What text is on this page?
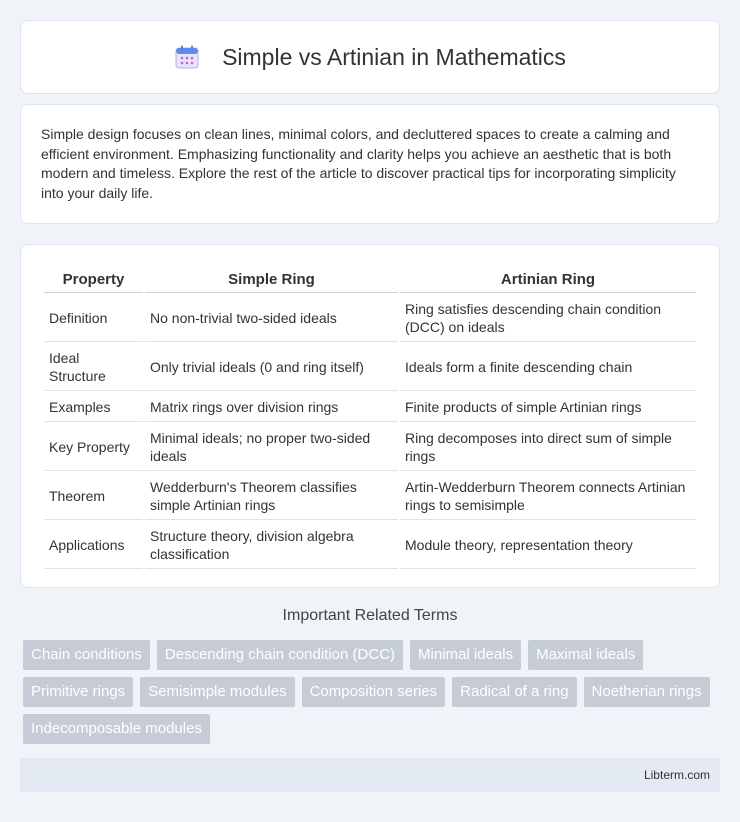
Simple vs Artinian in Mathematics

Simple design focuses on clean lines, minimal colors, and decluttered spaces to create a calming and efficient environment. Emphasizing functionality and clarity helps you achieve an aesthetic that is both modern and timeless. Explore the rest of the article to discover practical tips for incorporating simplicity into your daily life.

Property	Simple Ring	Artinian Ring
Definition	No non-trivial two-sided ideals	Ring satisfies descending chain condition (DCC) on ideals
Ideal Structure	Only trivial ideals (0 and ring itself)	Ideals form a finite descending chain
Examples	Matrix rings over division rings	Finite products of simple Artinian rings
Key Property	Minimal ideals; no proper two-sided ideals	Ring decomposes into direct sum of simple rings
Theorem	Wedderburn's Theorem classifies simple Artinian rings	Artin-Wedderburn Theorem connects Artinian rings to semisimple
Applications	Structure theory, division algebra classification	Module theory, representation theory
Important Related Terms
Chain conditions	Descending chain condition (DCC)	Minimal ideals	Maximal ideals
Primitive rings	Semisimple modules	Composition series	Radical of a ring	Noetherian rings
Indecomposable modules
Libterm.com
